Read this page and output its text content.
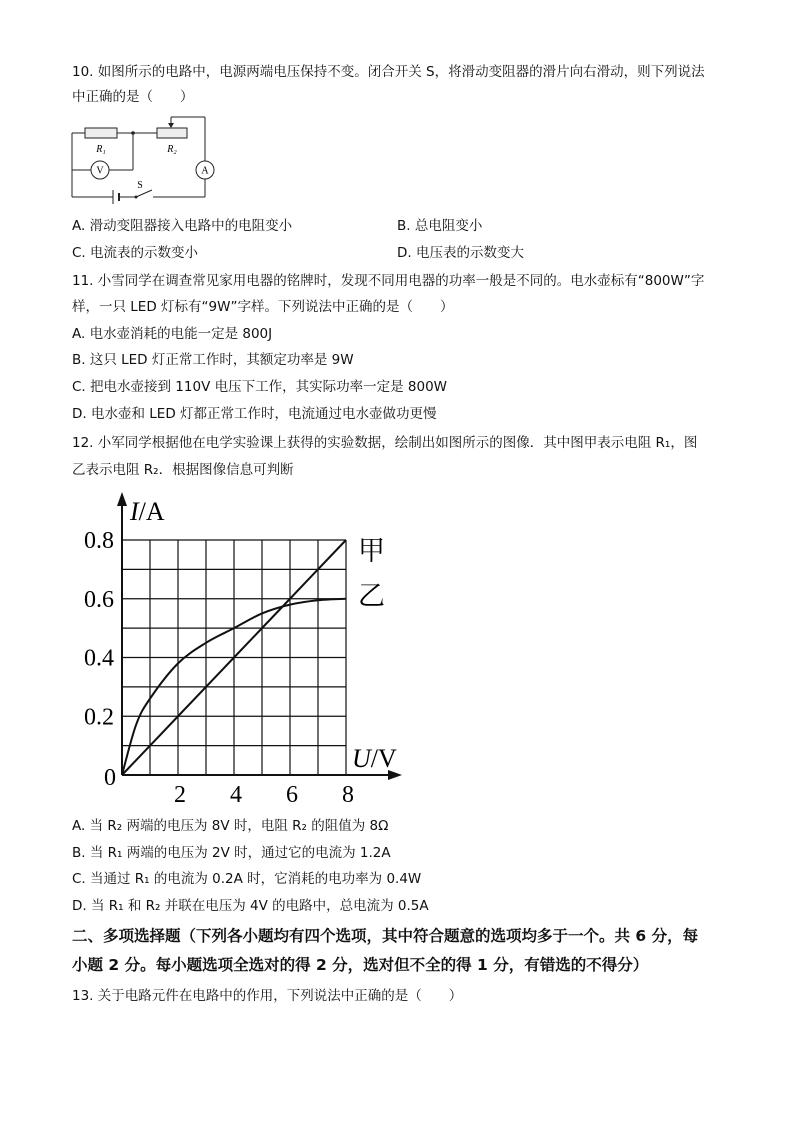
10. 如图所示的电路中，电源两端电压保持不变。闭合开关 S，将滑动变阻器的滑片向右滑动，则下列说法
中正确的是（　　）
R₁	R₂
V	A
S
A. 滑动变阻器接入电路中的电阻变小	B. 总电阻变小
C. 电流表的示数变小	D. 电压表的示数变大
11. 小雪同学在调查常见家用电器的铭牌时，发现不同用电器的功率一般是不同的。电水壶标有“800W”字
样，一只 LED 灯标有“9W”字样。下列说法中正确的是（　　）
A. 电水壶消耗的电能一定是 800J
B. 这只 LED 灯正常工作时，其额定功率是 9W
C. 把电水壶接到 110V 电压下工作，其实际功率一定是 800W
D. 电水壶和 LED 灯都正常工作时，电流通过电水壶做功更慢
12. 小军同学根据他在电学实验课上获得的实验数据，绘制出如图所示的图像．其中图甲表示电阻 R₁，图
乙表示电阻 R₂．根据图像信息可判断
0.2
0.4
0.6
0.8
2 4 6 8
0
I/A
U/V
甲
乙
A. 当 R₂ 两端的电压为 8V 时，电阻 R₂ 的阻值为 8Ω
B. 当 R₁ 两端的电压为 2V 时，通过它的电流为 1.2A
C. 当通过 R₁ 的电流为 0.2A 时，它消耗的电功率为 0.4W
D. 当 R₁ 和 R₂ 并联在电压为 4V 的电路中，总电流为 0.5A
二、多项选择题（下列各小题均有四个选项，其中符合题意的选项均多于一个。共 6 分，每
小题 2 分。每小题选项全选对的得 2 分，选对但不全的得 1 分，有错选的不得分）
13. 关于电路元件在电路中的作用，下列说法中正确的是（　　）
